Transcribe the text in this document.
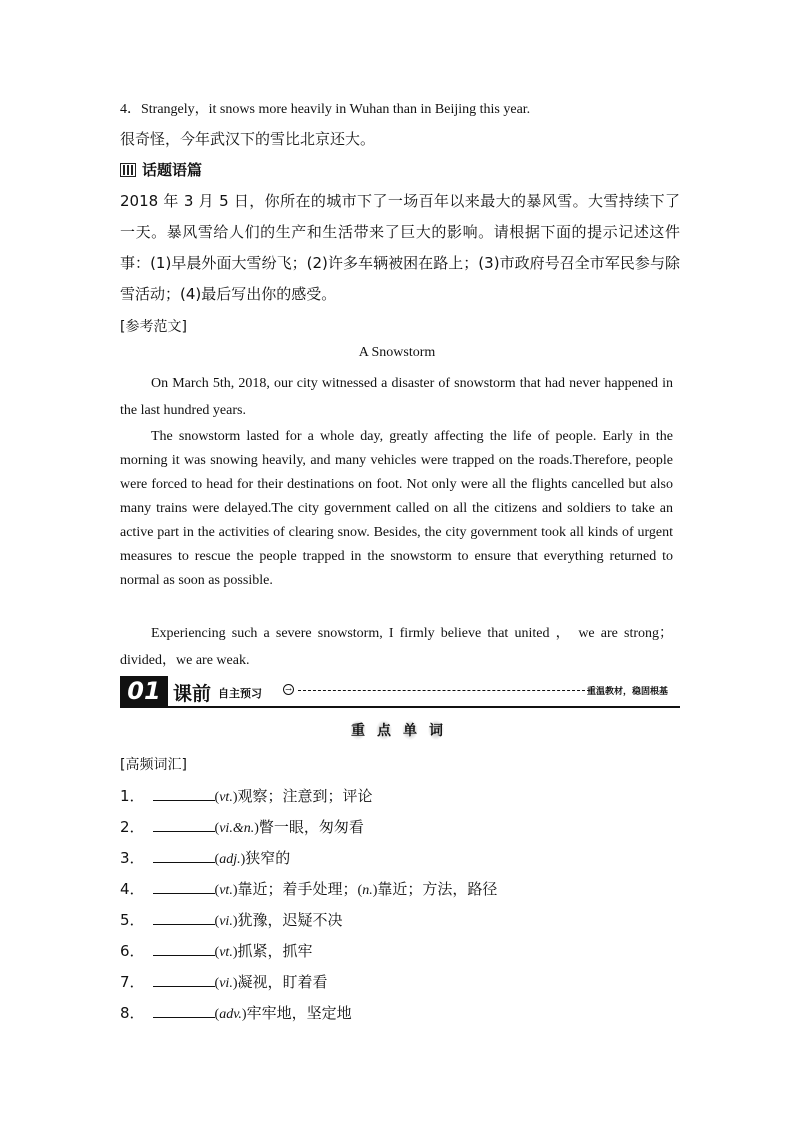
4．Strangely，it snows more heavily in Wuhan than in Beijing this year.
很奇怪，今年武汉下的雪比北京还大。
话题语篇
2018 年 3 月 5 日，你所在的城市下了一场百年以来最大的暴风雪。大雪持续下了一天。暴风雪给人们的生产和生活带来了巨大的影响。请根据下面的提示记述这件事：(1)早晨外面大雪纷飞；(2)许多车辆被困在路上；(3)市政府号召全市军民参与除雪活动；(4)最后写出你的感受。
[参考范文]
A Snowstorm
On March 5th, 2018, our city witnessed a disaster of snowstorm that had never happened in the last hundred years.
The snowstorm lasted for a whole day, greatly affecting the life of people. Early in the morning it was snowing heavily, and many vehicles were trapped on the roads.Therefore, people were forced to head for their destinations on foot. Not only were all the flights cancelled but also many trains were delayed.The city government called on all the citizens and soldiers to take an active part in the activities of clearing snow. Besides, the city government took all kinds of urgent measures to rescue the people trapped in the snowstorm to ensure that everything returned to normal as soon as possible.
Experiencing such a severe snowstorm, I firmly believe that united ， we are strong；divided，we are weak.
01 课前 自主预习	→	重温教材，稳固根基
重 点 单 词
[高频词汇]
1．	(vt.)观察；注意到；评论
2．	(vi.&n.)瞥一眼，匆匆看
3．	(adj.)狭窄的
4．	(vt.)靠近；着手处理；(n.)靠近；方法，路径
5．	(vi.)犹豫，迟疑不决
6．	(vt.)抓紧，抓牢
7．	(vi.)凝视，盯着看
8．	(adv.)牢牢地，坚定地
